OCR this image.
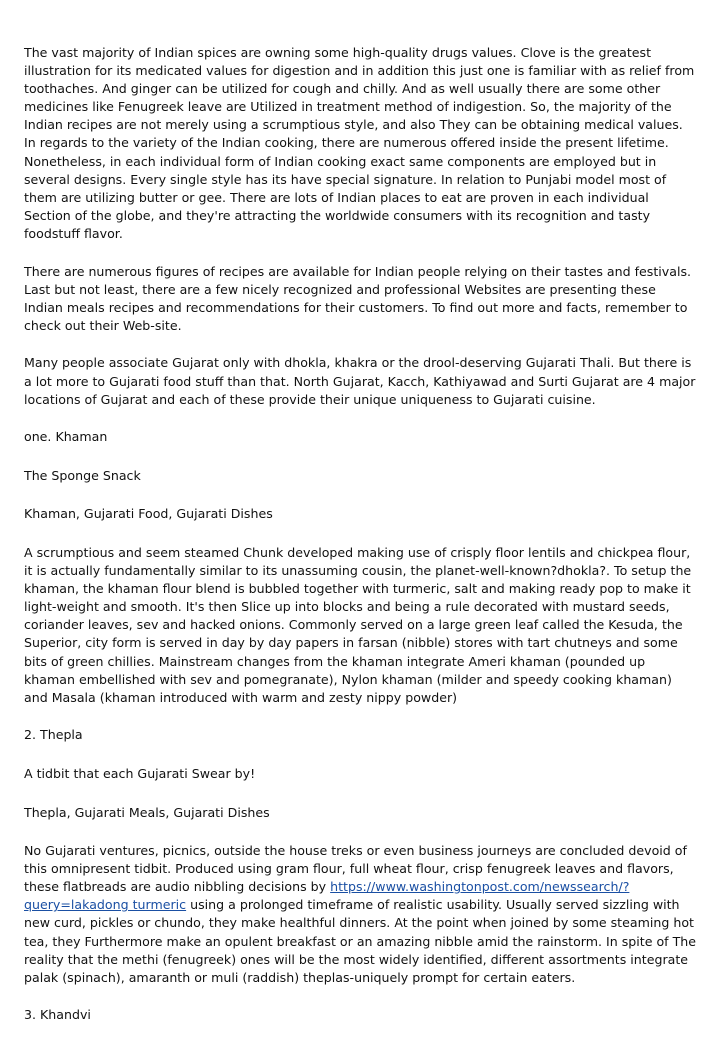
The vast majority of Indian spices are owning some high-quality drugs values. Clove is the greatest illustration for its medicated values for digestion and in addition this just one is familiar with as relief from toothaches. And ginger can be utilized for cough and chilly. And as well usually there are some other medicines like Fenugreek leave are Utilized in treatment method of indigestion. So, the majority of the Indian recipes are not merely using a scrumptious style, and also They can be obtaining medical values. In regards to the variety of the Indian cooking, there are numerous offered inside the present lifetime. Nonetheless, in each individual form of Indian cooking exact same components are employed but in several designs. Every single style has its have special signature. In relation to Punjabi model most of them are utilizing butter or gee. There are lots of Indian places to eat are proven in each individual Section of the globe, and they're attracting the worldwide consumers with its recognition and tasty foodstuff flavor.

There are numerous figures of recipes are available for Indian people relying on their tastes and festivals. Last but not least, there are a few nicely recognized and professional Websites are presenting these Indian meals recipes and recommendations for their customers. To find out more and facts, remember to check out their Web-site.

Many people associate Gujarat only with dhokla, khakra or the drool-deserving Gujarati Thali. But there is a lot more to Gujarati food stuff than that. North Gujarat, Kacch, Kathiyawad and Surti Gujarat are 4 major locations of Gujarat and each of these provide their unique uniqueness to Gujarati cuisine.

one. Khaman

The Sponge Snack

Khaman, Gujarati Food, Gujarati Dishes

A scrumptious and seem steamed Chunk developed making use of crisply floor lentils and chickpea flour, it is actually fundamentally similar to its unassuming cousin, the planet-well-known?dhokla?. To setup the khaman, the khaman flour blend is bubbled together with turmeric, salt and making ready pop to make it light-weight and smooth. It's then Slice up into blocks and being a rule decorated with mustard seeds, coriander leaves, sev and hacked onions. Commonly served on a large green leaf called the Kesuda, the Superior, city form is served in day by day papers in farsan (nibble) stores with tart chutneys and some bits of green chillies. Mainstream changes from the khaman integrate Ameri khaman (pounded up khaman embellished with sev and pomegranate), Nylon khaman (milder and speedy cooking khaman) and Masala (khaman introduced with warm and zesty nippy powder)

2. Thepla

A tidbit that each Gujarati Swear by!

Thepla, Gujarati Meals, Gujarati Dishes

No Gujarati ventures, picnics, outside the house treks or even business journeys are concluded devoid of this omnipresent tidbit. Produced using gram flour, full wheat flour, crisp fenugreek leaves and flavors, these flatbreads are audio nibbling decisions by https://www.washingtonpost.com/newssearch/?query=lakadong turmeric using a prolonged timeframe of realistic usability. Usually served sizzling with new curd, pickles or chundo, they make healthful dinners. At the point when joined by some steaming hot tea, they Furthermore make an opulent breakfast or an amazing nibble amid the rainstorm. In spite of The reality that the methi (fenugreek) ones will be the most widely identified, different assortments integrate palak (spinach), amaranth or muli (raddish) theplas-uniquely prompt for certain eaters.

3. Khandvi
